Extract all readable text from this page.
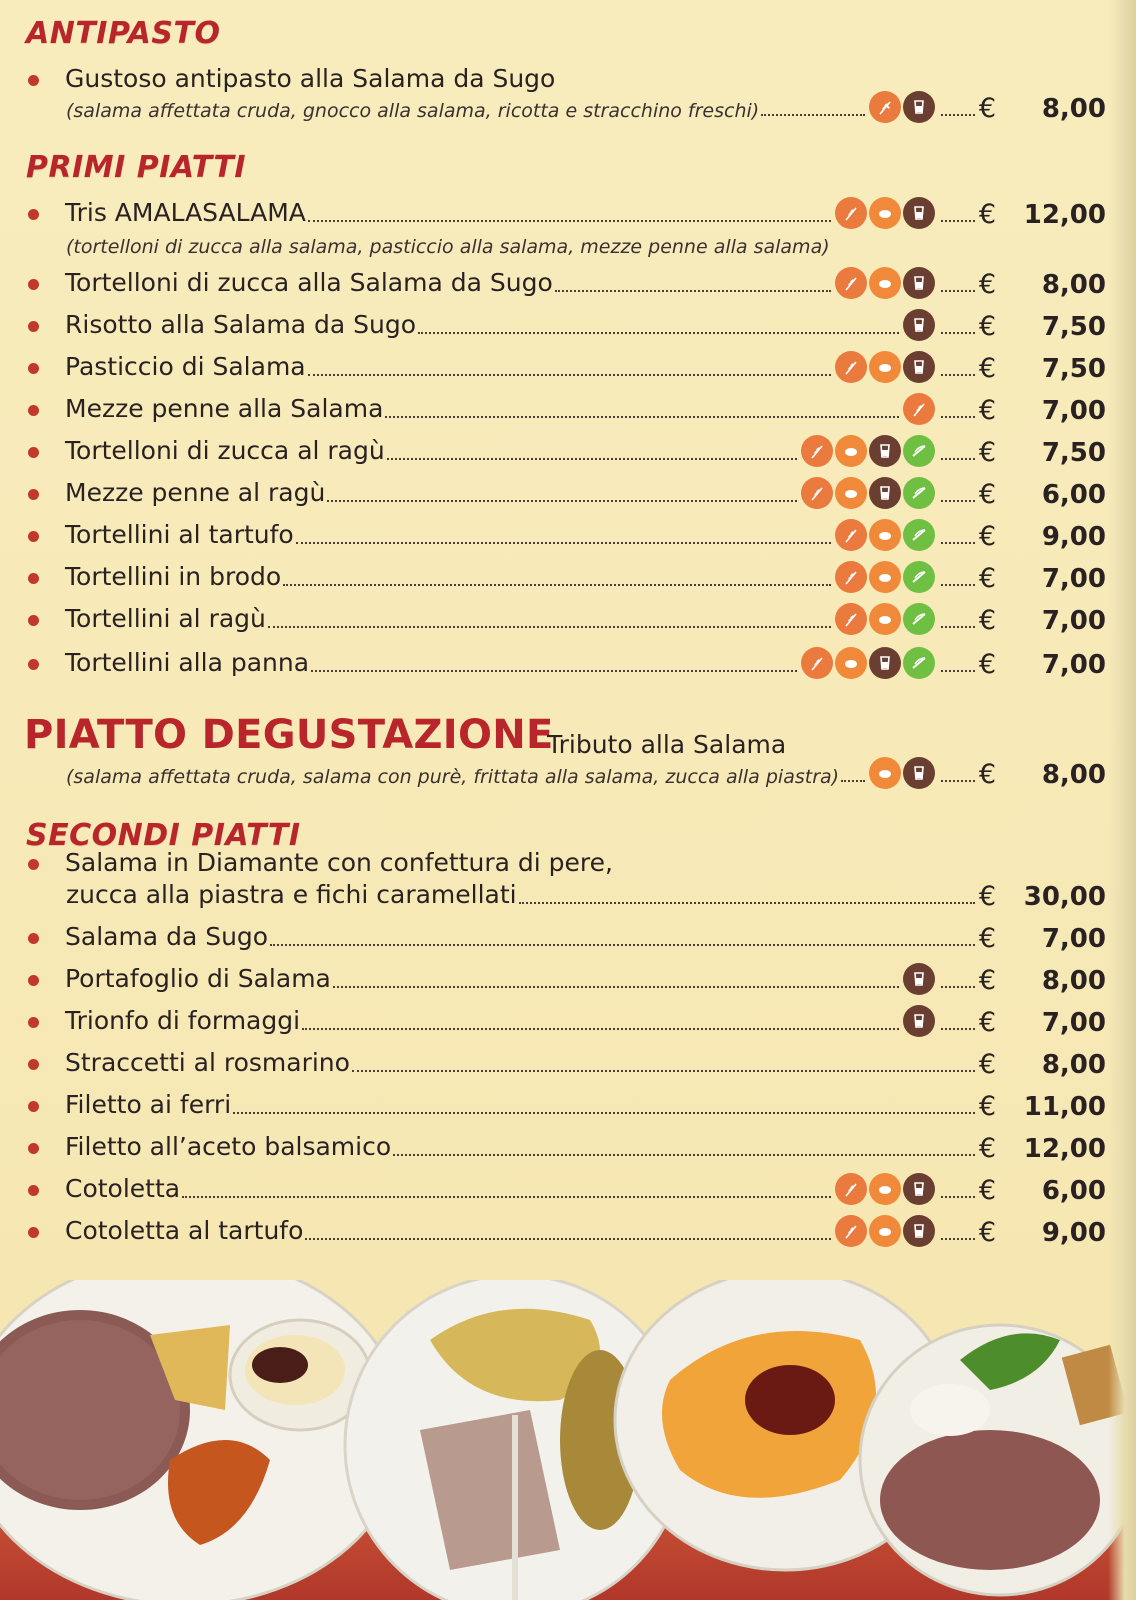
ANTIPASTO
Gustoso antipasto alla Salama da Sugo
(salama affettata cruda, gnocco alla salama, ricotta e stracchino freschi)	€	8,00
PRIMI PIATTI
Tris AMALASALAMA	€	12,00
(tortelloni di zucca alla salama, pasticcio alla salama, mezze penne alla salama)
Tortelloni di zucca alla Salama da Sugo	€	8,00
Risotto alla Salama da Sugo	€	7,50
Pasticcio di Salama	€	7,50
Mezze penne alla Salama	€	7,00
Tortelloni di zucca al ragù	€	7,50
Mezze penne al ragù	€	6,00
Tortellini al tartufo	€	9,00
Tortellini in brodo	€	7,00
Tortellini al ragù	€	7,00
Tortellini alla panna	€	7,00
PIATTO DEGUSTAZIONE
Tributo alla Salama
(salama affettata cruda, salama con purè, frittata alla salama, zucca alla piastra)	€	8,00
SECONDI PIATTI
Salama in Diamante con confettura di pere,
zucca alla piastra e fichi caramellati	€	30,00
Salama da Sugo	€	7,00
Portafoglio di Salama	€	8,00
Trionfo di formaggi	€	7,00
Straccetti al rosmarino	€	8,00
Filetto ai ferri	€	11,00
Filetto all’aceto balsamico	€	12,00
Cotoletta	€	6,00
Cotoletta al tartufo	€	9,00
